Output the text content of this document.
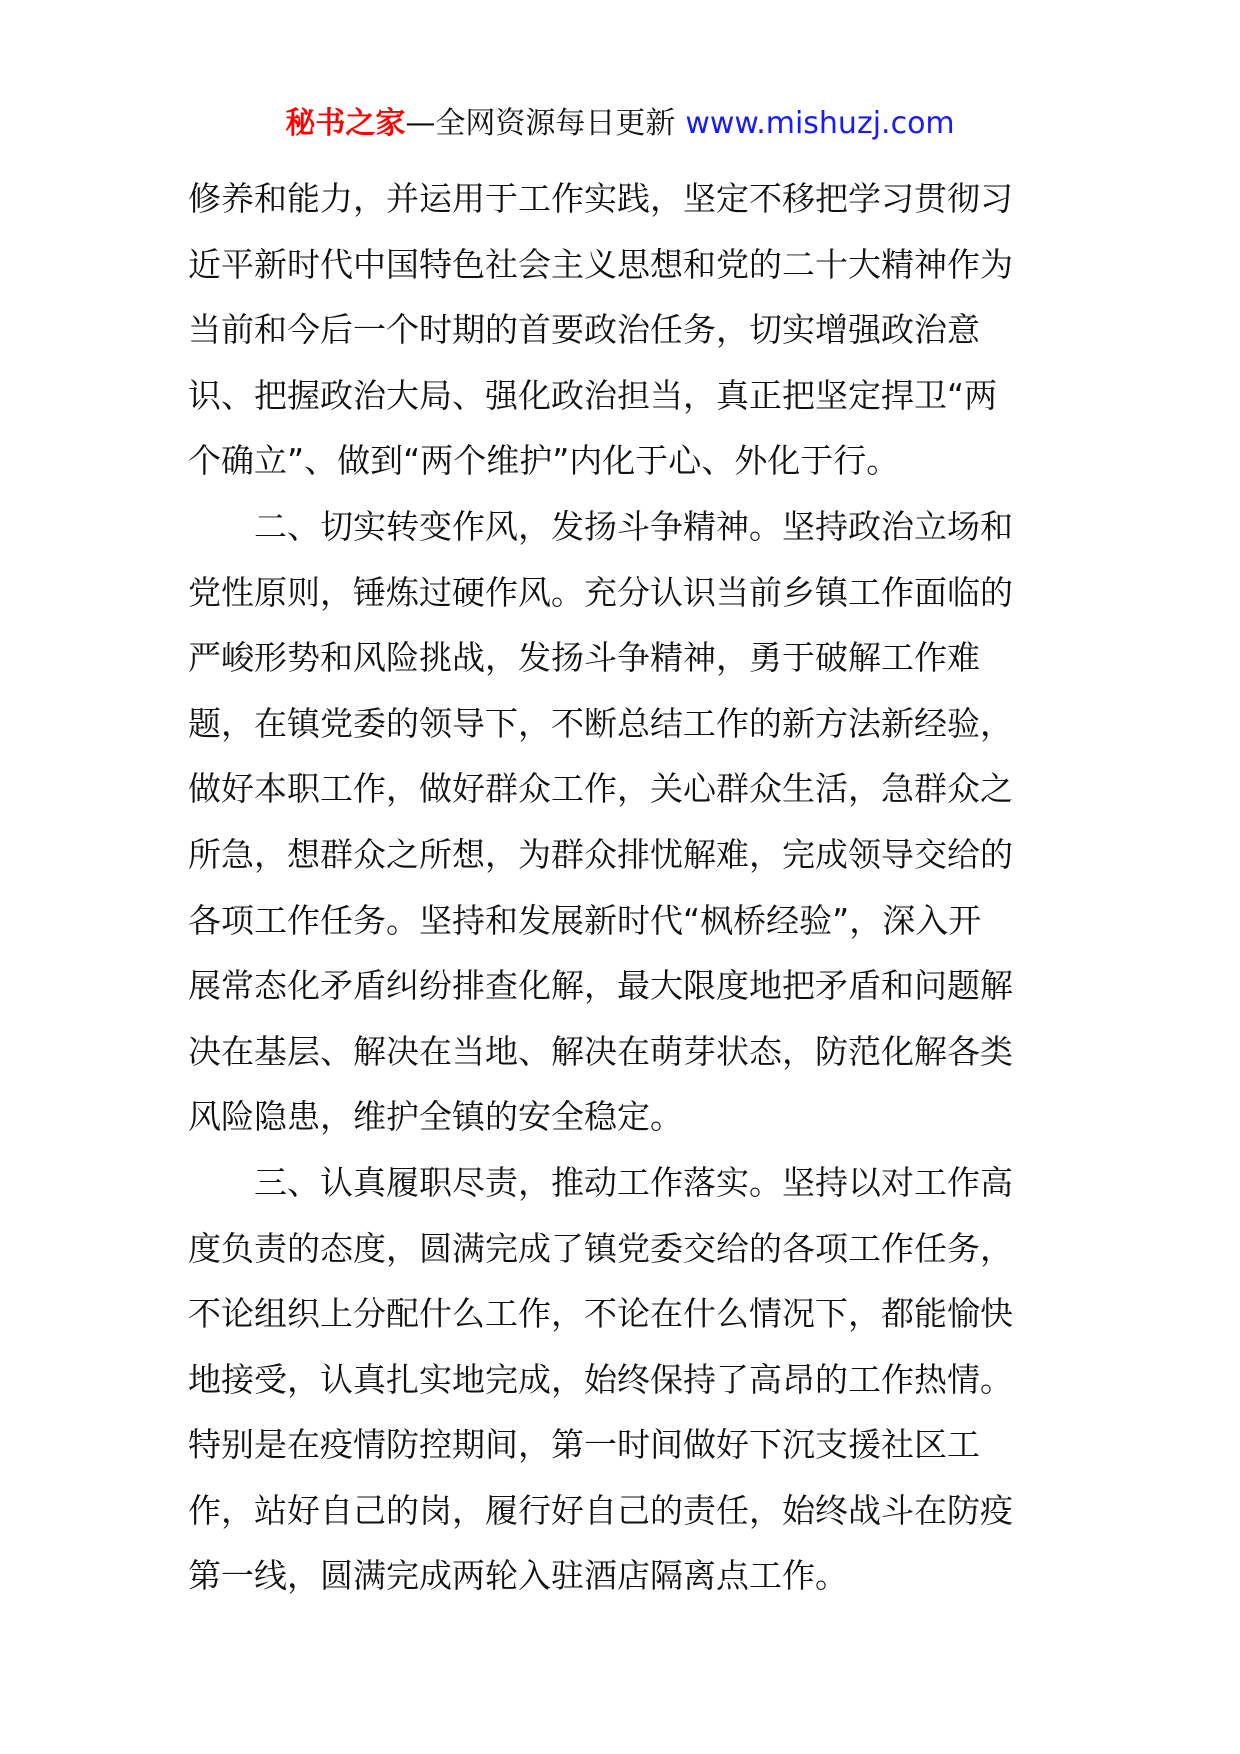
秘书之家—全网资源每日更新 www.mishuzj.com
修养和能力，并运用于工作实践，坚定不移把学习贯彻习
近平新时代中国特色社会主义思想和党的二十大精神作为
当前和今后一个时期的首要政治任务，切实增强政治意
识、把握政治大局、强化政治担当，真正把坚定捍卫“两
个确立”、做到“两个维护”内化于心、外化于行。
二、切实转变作风，发扬斗争精神。坚持政治立场和
党性原则，锤炼过硬作风。充分认识当前乡镇工作面临的
严峻形势和风险挑战，发扬斗争精神，勇于破解工作难
题，在镇党委的领导下，不断总结工作的新方法新经验，
做好本职工作，做好群众工作，关心群众生活，急群众之
所急，想群众之所想，为群众排忧解难，完成领导交给的
各项工作任务。坚持和发展新时代“枫桥经验”，深入开
展常态化矛盾纠纷排查化解，最大限度地把矛盾和问题解
决在基层、解决在当地、解决在萌芽状态，防范化解各类
风险隐患，维护全镇的安全稳定。
三、认真履职尽责，推动工作落实。坚持以对工作高
度负责的态度，圆满完成了镇党委交给的各项工作任务，
不论组织上分配什么工作，不论在什么情况下，都能愉快
地接受，认真扎实地完成，始终保持了高昂的工作热情。
特别是在疫情防控期间，第一时间做好下沉支援社区工
作，站好自己的岗，履行好自己的责任，始终战斗在防疫
第一线，圆满完成两轮入驻酒店隔离点工作。
